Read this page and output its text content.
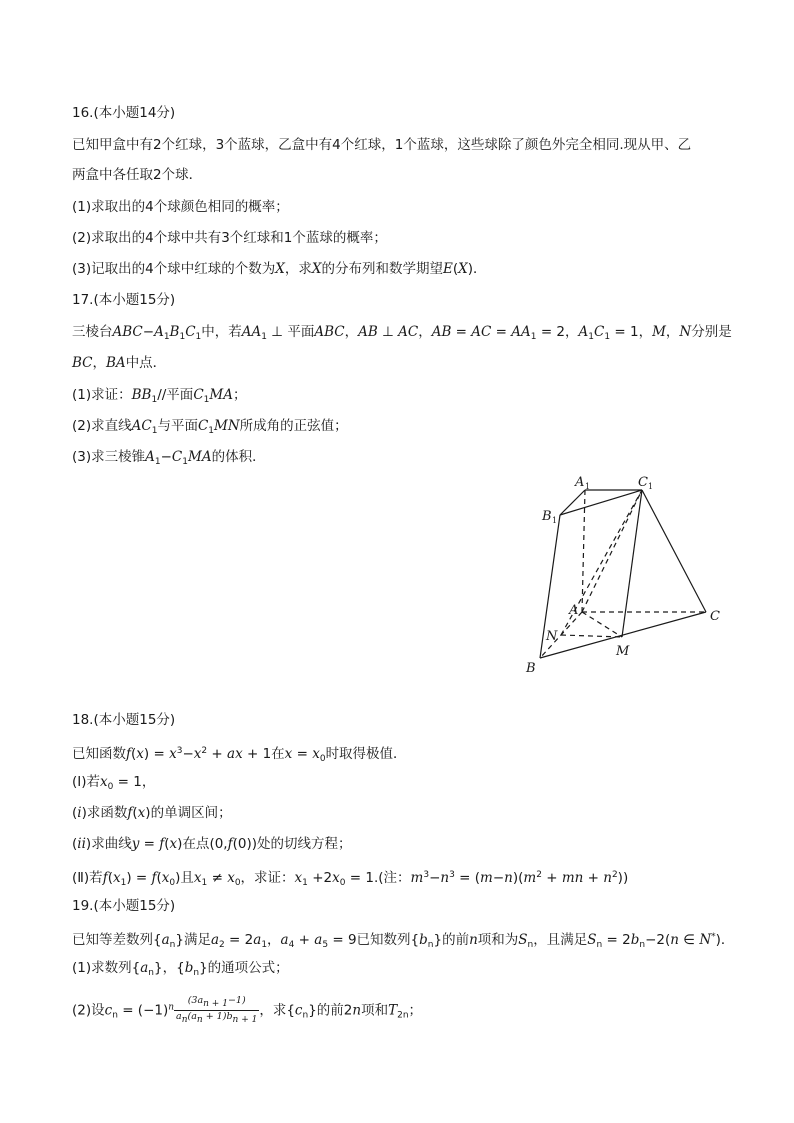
16.(本小题14分)
已知甲盒中有2个红球，3个蓝球，乙盒中有4个红球，1个蓝球，这些球除了颜色外完全相同.现从甲、乙
两盒中各任取2个球．
(1)求取出的4个球颜色相同的概率；
(2)求取出的4个球中共有3个红球和1个蓝球的概率；
(3)记取出的4个球中红球的个数为X，求X的分布列和数学期望E(X)．
17.(本小题15分)
三棱台$ABC-A_1B_1C_1$中，若$AA_1$ ⊥ 平面ABC，AB ⊥ AC，AB = AC = $AA_1 = 2$，$A_1C_1 = 1$，M，N分别是
BC，BA中点．
(1)求证：$BB_1//$平面$C_1MA$；
(2)求直线$AC_1$与平面$C_1MN$所成角的正弦值；
(3)求三棱锥$A_1-C_1MA$的体积．
A 1	C 1
B 1
A	C
N
M
B
18.(本小题15分)
已知函数$f(x) = x^3-x^2$ + ax + 1在$x = x_0$时取得极值．
(Ⅰ)若$x_0 = 1$，
(i)求函数f(x)的单调区间；
(ii)求曲线y = f(x)在点(0,f(0))处的切线方程；
(Ⅱ)若$f(x_1) = f(x_0)$且$x_1 \ne x_0$，求证：$x_1 +2x_0 = 1$.(注：$m^3-n^3 = (m-n)(m^2$ + mn + $n^2$))
19.(本小题15分)
已知等差数列$\{a_n\}$满足$a_2 = 2a_1$，$a_4 + a_5 = 9$已知数列$\{b_n\}$的前n项和为$S_n$，且满足$S_n = 2b_n-2(n$ ∈ N*)．
(1)求数列$\{a_n\}$，$\{b_n\}$的通项公式；
(2)设$c_n = (-1)^n \frac{(3a_{n + 1}-1)}{a_n(a_n + 1)b_{n + 1}}$ ，求$\{c_n\}$的前2n项和$T_{2n}$；
